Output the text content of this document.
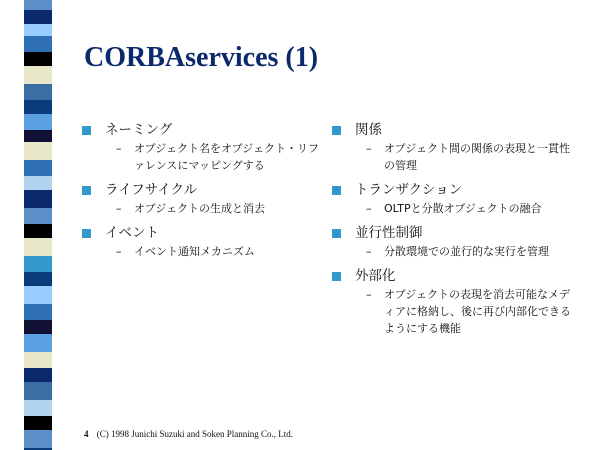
CORBAservices (1)
ネーミング
–	オブジェクト名をオブジェクト・リファレンスにマッピングする
ライフサイクル
–	オブジェクトの生成と消去
イベント
–	イベント通知メカニズム
関係
–	オブジェクト間の関係の表現と一貫性の管理
トランザクション
–	OLTPと分散オブジェクトの融合
並行性制御
–	分散環境での並行的な実行を管理
外部化
–	オブジェクトの表現を消去可能なメディアに格納し、後に再び内部化できるようにする機能
4 (C) 1998 Junichi Suzuki and Soken Planning Co., Ltd.
